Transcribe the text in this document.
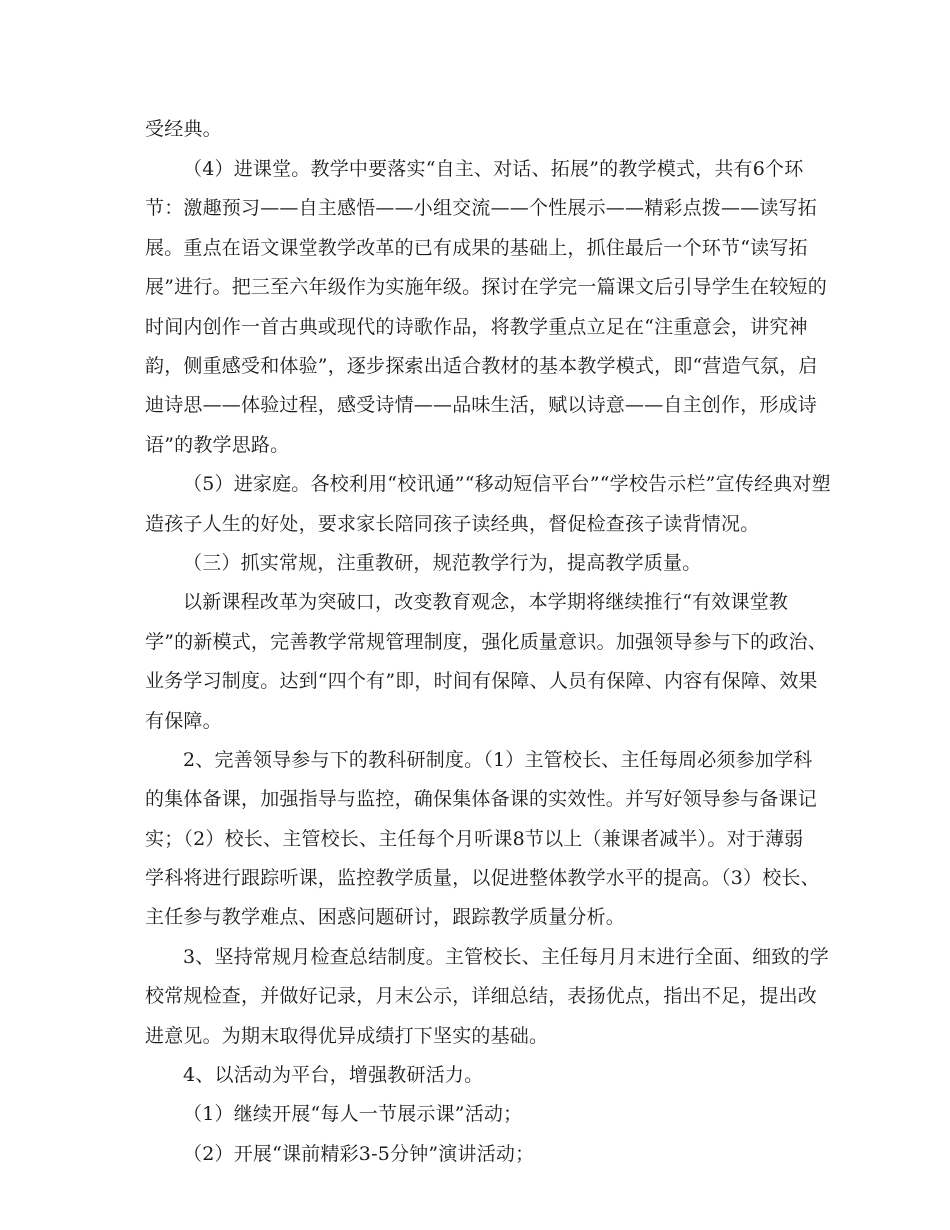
受经典。
（4）进课堂。教学中要落实“自主、对话、拓展”的教学模式，共有6个环
节：激趣预习——自主感悟——小组交流——个性展示——精彩点拨——读写拓
展。重点在语文课堂教学改革的已有成果的基础上，抓住最后一个环节“读写拓
展”进行。把三至六年级作为实施年级。探讨在学完一篇课文后引导学生在较短的
时间内创作一首古典或现代的诗歌作品，将教学重点立足在“注重意会，讲究神
韵，侧重感受和体验”，逐步探索出适合教材的基本教学模式，即“营造气氛，启
迪诗思——体验过程，感受诗情——品味生活，赋以诗意——自主创作，形成诗
语”的教学思路。
（5）进家庭。各校利用“校讯通”“移动短信平台”“学校告示栏”宣传经典对塑
造孩子人生的好处，要求家长陪同孩子读经典，督促检查孩子读背情况。
（三）抓实常规，注重教研，规范教学行为，提高教学质量。
以新课程改革为突破口，改变教育观念，本学期将继续推行“有效课堂教
学”的新模式，完善教学常规管理制度，强化质量意识。加强领导参与下的政治、
业务学习制度。达到“四个有”即，时间有保障、人员有保障、内容有保障、效果
有保障。
2、完善领导参与下的教科研制度。（1）主管校长、主任每周必须参加学科
的集体备课，加强指导与监控，确保集体备课的实效性。并写好领导参与备课记
实；（2）校长、主管校长、主任每个月听课8节以上（兼课者减半）。对于薄弱
学科将进行跟踪听课，监控教学质量，以促进整体教学水平的提高。（3）校长、
主任参与教学难点、困惑问题研讨，跟踪教学质量分析。
3、坚持常规月检查总结制度。主管校长、主任每月月末进行全面、细致的学
校常规检查，并做好记录，月末公示，详细总结，表扬优点，指出不足，提出改
进意见。为期末取得优异成绩打下坚实的基础。
4、以活动为平台，增强教研活力。
（1）继续开展“每人一节展示课”活动；
（2）开展“课前精彩3-5分钟”演讲活动；
